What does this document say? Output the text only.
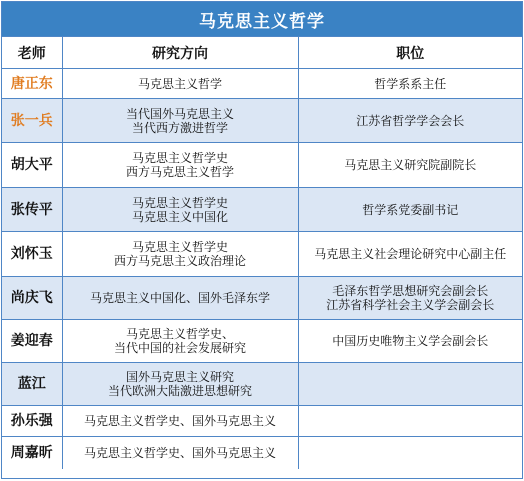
马克思主义哲学
老师	研究方向	职位
唐正东	马克思主义哲学	哲学系系主任

张一兵	当代国外马克思主义
当代西方激进哲学	江苏省哲学学会会长

胡大平	马克思主义哲学史
西方马克思主义哲学	马克思主义研究院副院长

张传平	马克思主义哲学史
马克思主义中国化	哲学系党委副书记

刘怀玉	马克思主义哲学史
西方马克思主义政治理论	马克思主义社会理论研究中心副主任

尚庆飞	马克思主义中国化、国外毛泽东学	毛泽东哲学思想研究会副会长
江苏省科学社会主义学会副会长

姜迎春	马克思主义哲学史、
当代中国的社会发展研究	中国历史唯物主义学会副会长

蓝江	国外马克思主义研究
当代欧洲大陆激进思想研究	

孙乐强	马克思主义哲学史、国外马克思主义	

周嘉昕	马克思主义哲学史、国外马克思主义	
